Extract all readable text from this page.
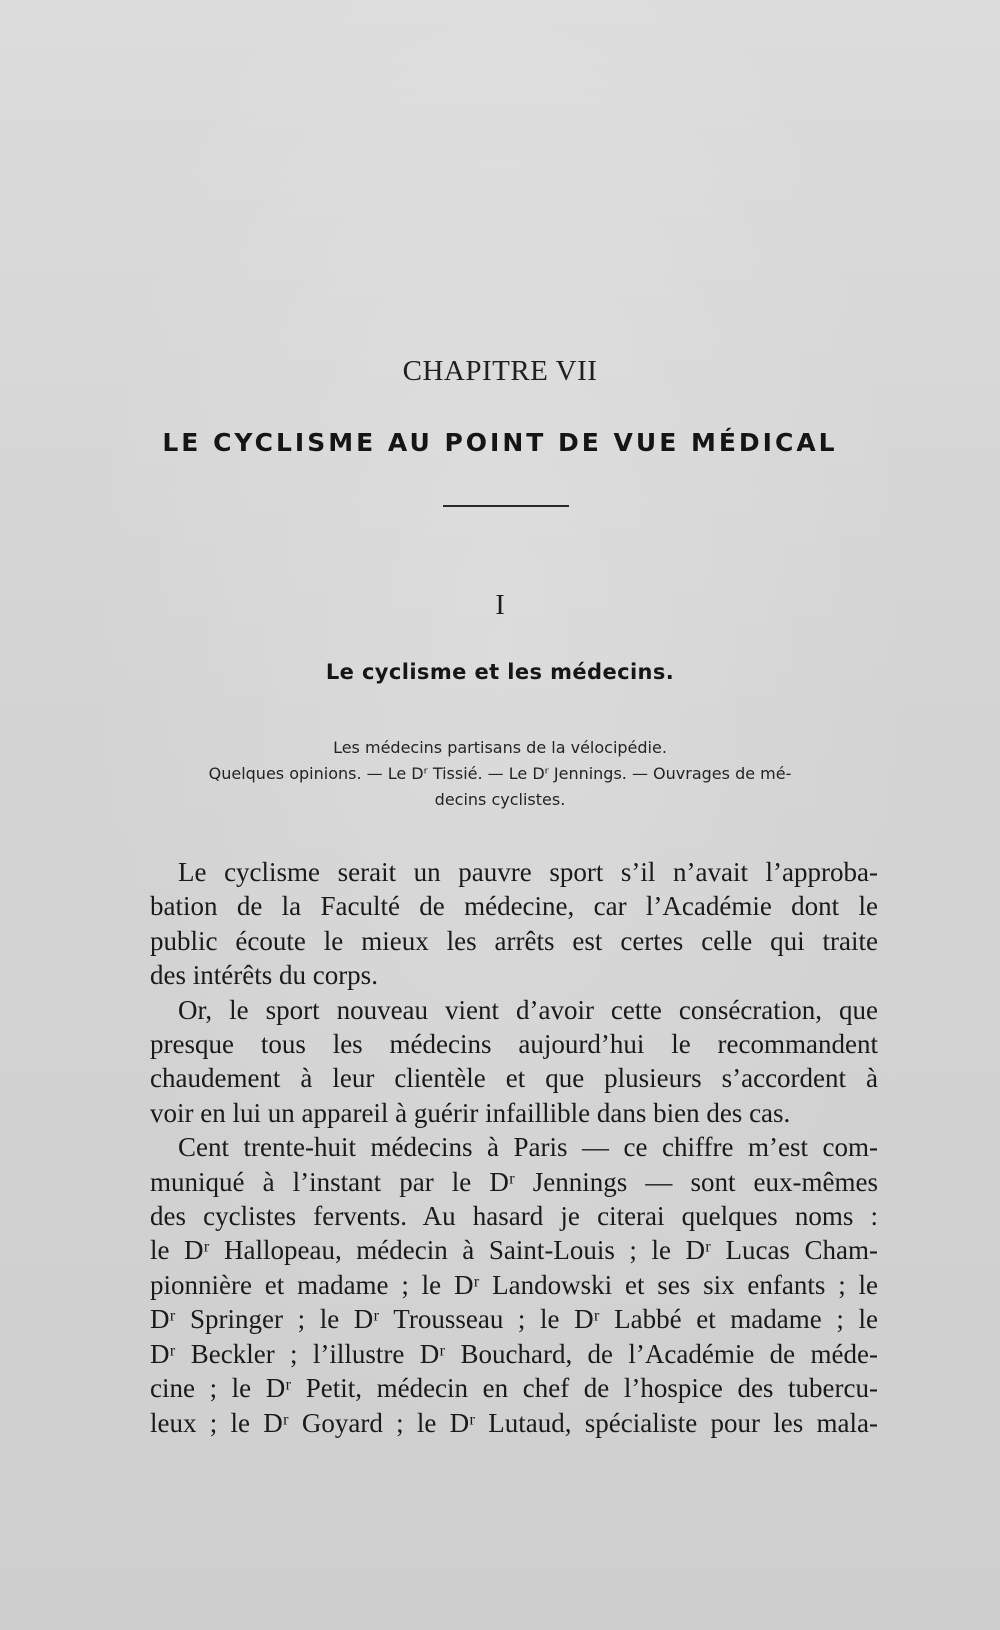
CHAPITRE VII
LE CYCLISME AU POINT DE VUE MÉDICAL
I
Le cyclisme et les médecins.
Les médecins partisans de la vélocipédie.
Quelques opinions. — Le Dʳ Tissié. — Le Dʳ Jennings. — Ouvrages de mé-
decins cyclistes.
Le cyclisme serait un pauvre sport s’il n’avait l’approba-
bation de la Faculté de médecine, car l’Académie dont le
public écoute le mieux les arrêts est certes celle qui traite
des intérêts du corps.
Or, le sport nouveau vient d’avoir cette consécration, que
presque tous les médecins aujourd’hui le recommandent
chaudement à leur clientèle et que plusieurs s’accordent à
voir en lui un appareil à guérir infaillible dans bien des cas.
Cent trente-huit médecins à Paris — ce chiffre m’est com-
muniqué à l’instant par le Dʳ Jennings — sont eux-mêmes
des cyclistes fervents. Au hasard je citerai quelques noms :
le Dʳ Hallopeau, médecin à Saint-Louis ; le Dʳ Lucas Cham-
pionnière et madame ; le Dʳ Landowski et ses six enfants ; le
Dʳ Springer ; le Dʳ Trousseau ; le Dʳ Labbé et madame ; le
Dʳ Beckler ; l’illustre Dʳ Bouchard, de l’Académie de méde-
cine ; le Dʳ Petit, médecin en chef de l’hospice des tubercu-
leux ; le Dʳ Goyard ; le Dʳ Lutaud, spécialiste pour les mala-
